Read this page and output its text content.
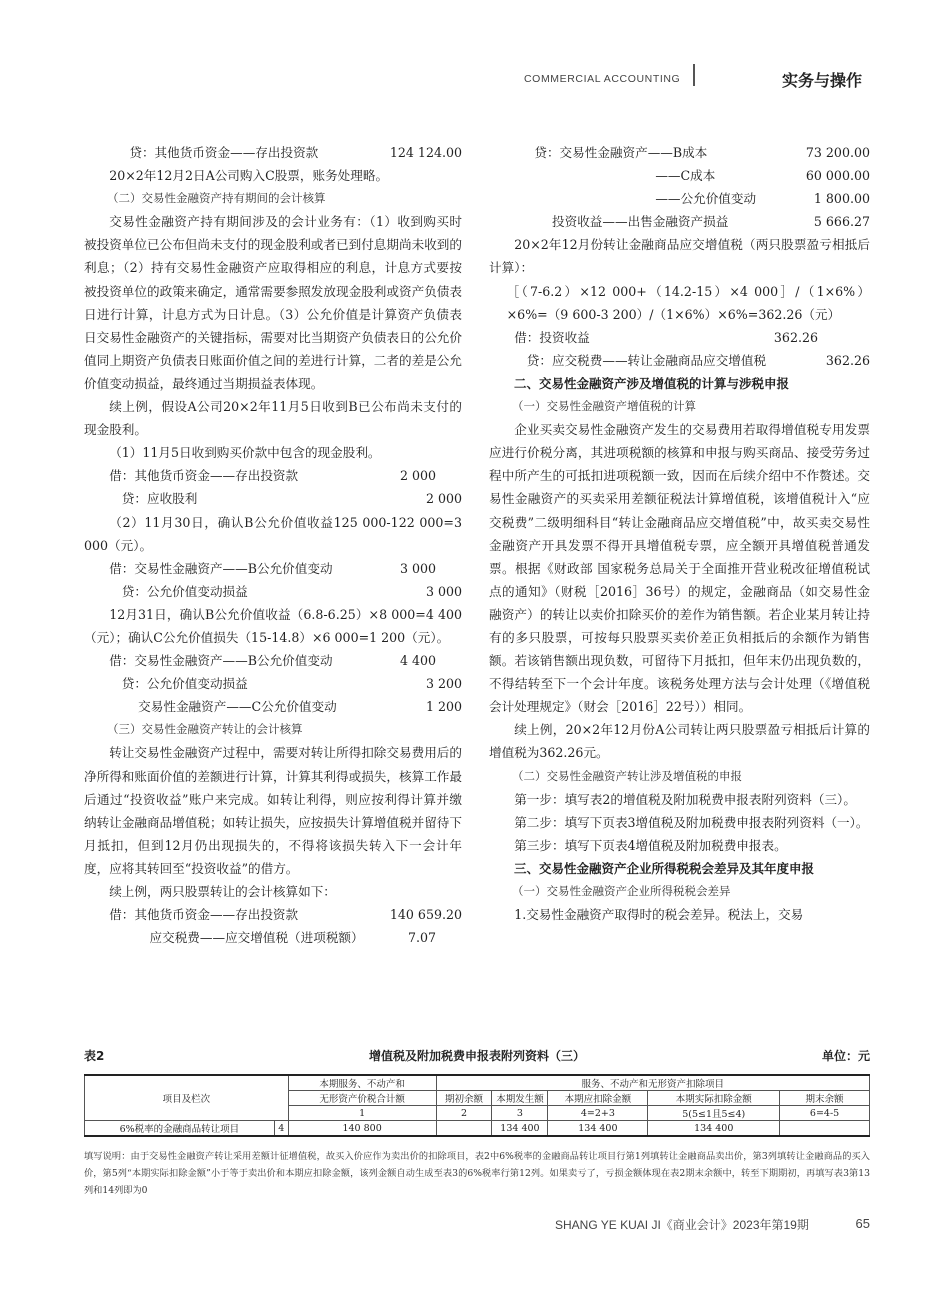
COMMERCIAL ACCOUNTING	实务与操作
贷：其他货币资金——存出投资款	124 124.00

20×2年12月2日A公司购入C股票，账务处理略。

（二）交易性金融资产持有期间的会计核算

交易性金融资产持有期间涉及的会计业务有：（1）收到购买时被投资单位已公布但尚未支付的现金股利或者已到付息期尚未收到的利息；（2）持有交易性金融资产应取得相应的利息，计息方式要按被投资单位的政策来确定，通常需要参照发放现金股利或资产负债表日进行计算，计息方式为日计息。（3）公允价值是计算资产负债表日交易性金融资产的关键指标，需要对比当期资产负债表日的公允价值同上期资产负债表日账面价值之间的差进行计算，二者的差是公允价值变动损益，最终通过当期损益表体现。

续上例，假设A公司20×2年11月5日收到B已公布尚未支付的现金股利。

（1）11月5日收到购买价款中包含的现金股利。

借：其他货币资金——存出投资款	2 000
贷：应收股利	2 000

（2）11月30日，确认B公允价值收益125 000-122 000=3 000（元）。

借：交易性金融资产——B公允价值变动	3 000
贷：公允价值变动损益	3 000

12月31日，确认B公允价值收益（6.8-6.25）×8 000=4 400（元）；确认C公允价值损失（15-14.8）×6 000=1 200（元）。

借：交易性金融资产——B公允价值变动	4 400
贷：公允价值变动损益	3 200
交易性金融资产——C公允价值变动	1 200

（三）交易性金融资产转让的会计核算

转让交易性金融资产过程中，需要对转让所得扣除交易费用后的净所得和账面价值的差额进行计算，计算其利得或损失，核算工作最后通过“投资收益”账户来完成。如转让利得，则应按利得计算并缴纳转让金融商品增值税；如转让损失，应按损失计算增值税并留待下月抵扣，但到12月仍出现损失的，不得将该损失转入下一会计年度，应将其转回至“投资收益”的借方。

续上例，两只股票转让的会计核算如下：

借：其他货币资金——存出投资款	140 659.20
应交税费——应交增值税（进项税额）	7.07
贷：交易性金融资产——B成本	73 200.00
——C成本	60 000.00
——公允价值变动	1 800.00
投资收益——出售金融资产损益	5 666.27

20×2年12月份转让金融商品应交增值税（两只股票盈亏相抵后计算）：

［（7-6.2）×12 000+（14.2-15）×4 000］/（1×6%）×6%=（9 600-3 200）/（1×6%）×6%=362.26（元）

借：投资收益	362.26
贷：应交税费——转让金融商品应交增值税	362.26

二、交易性金融资产涉及增值税的计算与涉税申报

（一）交易性金融资产增值税的计算

企业买卖交易性金融资产发生的交易费用若取得增值税专用发票应进行价税分离，其进项税额的核算和申报与购买商品、接受劳务过程中所产生的可抵扣进项税额一致，因而在后续介绍中不作赘述。交易性金融资产的买卖采用差额征税法计算增值税，该增值税计入“应交税费”二级明细科目“转让金融商品应交增值税”中，故买卖交易性金融资产开具发票不得开具增值税专票，应全额开具增值税普通发票。根据《财政部 国家税务总局关于全面推开营业税改征增值税试点的通知》（财税［2016］36号）的规定，金融商品（如交易性金融资产）的转让以卖价扣除买价的差作为销售额。若企业某月转让持有的多只股票，可按每只股票买卖价差正负相抵后的余额作为销售额。若该销售额出现负数，可留待下月抵扣，但年末仍出现负数的，不得结转至下一个会计年度。该税务处理方法与会计处理（《增值税会计处理规定》（财会［2016］22号））相同。

续上例，20×2年12月份A公司转让两只股票盈亏相抵后计算的增值税为362.26元。

（二）交易性金融资产转让涉及增值税的申报

第一步：填写表2的增值税及附加税费申报表附列资料（三）。

第二步：填写下页表3增值税及附加税费申报表附列资料（一）。

第三步：填写下页表4增值税及附加税费申报表。

三、交易性金融资产企业所得税税会差异及其年度申报

（一）交易性金融资产企业所得税税会差异

1.交易性金融资产取得时的税会差异。税法上，交易

表2	增值税及附加税费申报表附列资料（三）	单位：元
项目及栏次		本期服务、不动产和	服务、不动产和无形资产扣除项目				
		无形资产价税合计额	期初余额	本期发生额	本期应扣除金额	本期实际扣除金额	期末余额
		1	2	3	4=2+3	5(5≤1且5≤4)	6=4-5
6%税率的金融商品转让项目	4	140 800		134 400	134 400	134 400	
填写说明：由于交易性金融资产转让采用差额计征增值税，故买入价应作为卖出价的扣除项目，表2中6%税率的金融商品转让项目行第1列填转让金融商品卖出价，第3列填转让金融商品的买入价，第5列“本期实际扣除金额”小于等于卖出价和本期应扣除金额，该列金额自动生成至表3的6%税率行第12列。如果卖亏了，亏损金额体现在表2期末余额中，转至下期期初，再填写表3第13列和14列即为0
SHANG YE KUAI JI《商业会计》2023年第19期	65
